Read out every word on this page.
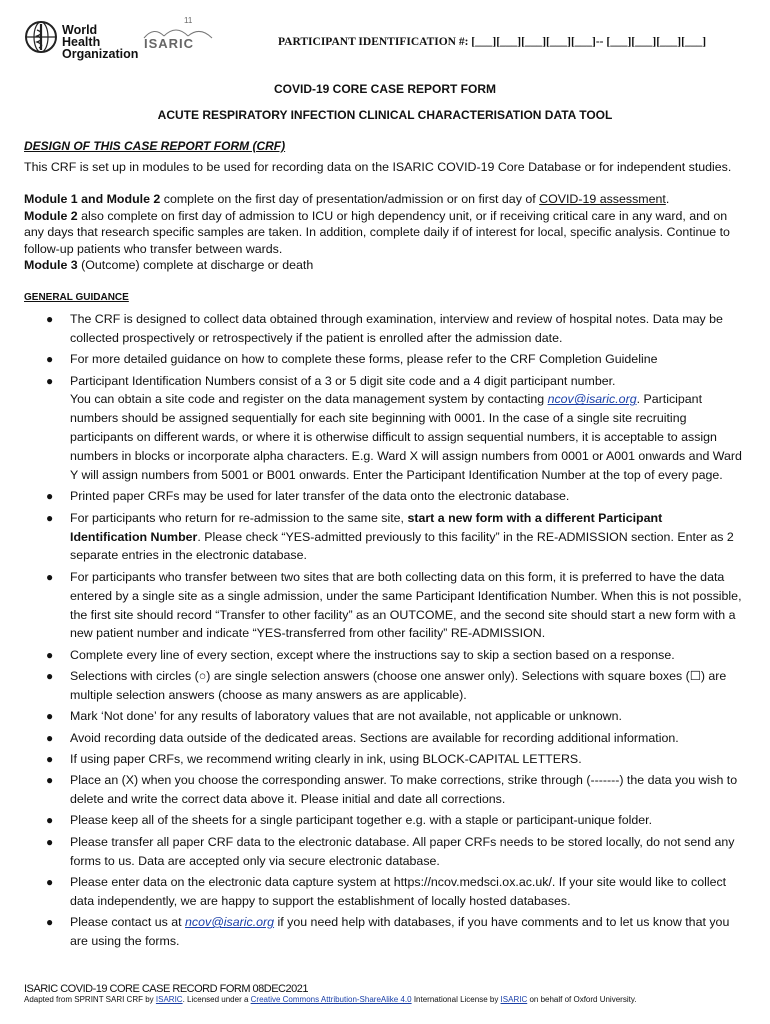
World Health
Organization
11
ISARIC	PARTICIPANT IDENTIFICATION #: [___][___][___][___][___]-- [___][___][___][___]
COVID-19 CORE CASE REPORT FORM
ACUTE RESPIRATORY INFECTION CLINICAL CHARACTERISATION DATA TOOL
DESIGN OF THIS CASE REPORT FORM (CRF)

This CRF is set up in modules to be used for recording data on the ISARIC COVID-19 Core Database or for independent studies.

Module 1 and Module 2 complete on the first day of presentation/admission or on first day of COVID-19 assessment.

Module 2 also complete on first day of admission to ICU or high dependency unit, or if receiving critical care in any ward, and on any days that research specific samples are taken. In addition, complete daily if of interest for local, specific analysis. Continue to follow-up patients who transfer between wards.

Module 3 (Outcome) complete at discharge or death

GENERAL GUIDANCE
● The CRF is designed to collect data obtained through examination, interview and review of hospital notes. Data may be collected prospectively or retrospectively if the patient is enrolled after the admission date.
● For more detailed guidance on how to complete these forms, please refer to the CRF Completion Guideline
● Participant Identification Numbers consist of a 3 or 5 digit site code and a 4 digit participant number.
You can obtain a site code and register on the data management system by contacting ncov@isaric.org. Participant numbers should be assigned sequentially for each site beginning with 0001. In the case of a single site recruiting participants on different wards, or where it is otherwise difficult to assign sequential numbers, it is acceptable to assign numbers in blocks or incorporate alpha characters. E.g. Ward X will assign numbers from 0001 or A001 onwards and Ward Y will assign numbers from 5001 or B001 onwards. Enter the Participant Identification Number at the top of every page.
● Printed paper CRFs may be used for later transfer of the data onto the electronic database.
● For participants who return for re-admission to the same site, start a new form with a different Participant Identification Number. Please check “YES-admitted previously to this facility” in the RE-ADMISSION section. Enter as 2 separate entries in the electronic database.
● For participants who transfer between two sites that are both collecting data on this form, it is preferred to have the data entered by a single site as a single admission, under the same Participant Identification Number. When this is not possible, the first site should record “Transfer to other facility” as an OUTCOME, and the second site should start a new form with a new patient number and indicate “YES-transferred from other facility” RE-ADMISSION.
● Complete every line of every section, except where the instructions say to skip a section based on a response.
● Selections with circles (○) are single selection answers (choose one answer only). Selections with square boxes (☐) are multiple selection answers (choose as many answers as are applicable).
● Mark ‘Not done’ for any results of laboratory values that are not available, not applicable or unknown.
● Avoid recording data outside of the dedicated areas. Sections are available for recording additional information.
● If using paper CRFs, we recommend writing clearly in ink, using BLOCK-CAPITAL LETTERS.
● Place an (X) when you choose the corresponding answer. To make corrections, strike through (-------) the data you wish to delete and write the correct data above it. Please initial and date all corrections.
● Please keep all of the sheets for a single participant together e.g. with a staple or participant-unique folder.
● Please transfer all paper CRF data to the electronic database. All paper CRFs needs to be stored locally, do not send any forms to us. Data are accepted only via secure electronic database.
● Please enter data on the electronic data capture system at https://ncov.medsci.ox.ac.uk/. If your site would like to collect data independently, we are happy to support the establishment of locally hosted databases.
● Please contact us at ncov@isaric.org if you need help with databases, if you have comments and to let us know that you are using the forms.
ISARIC COVID-19 CORE CASE RECORD FORM 08DEC2021
Adapted from SPRINT SARI CRF by ISARIC. Licensed under a Creative Commons Attribution-ShareAlike 4.0 International License by ISARIC on behalf of Oxford University.
